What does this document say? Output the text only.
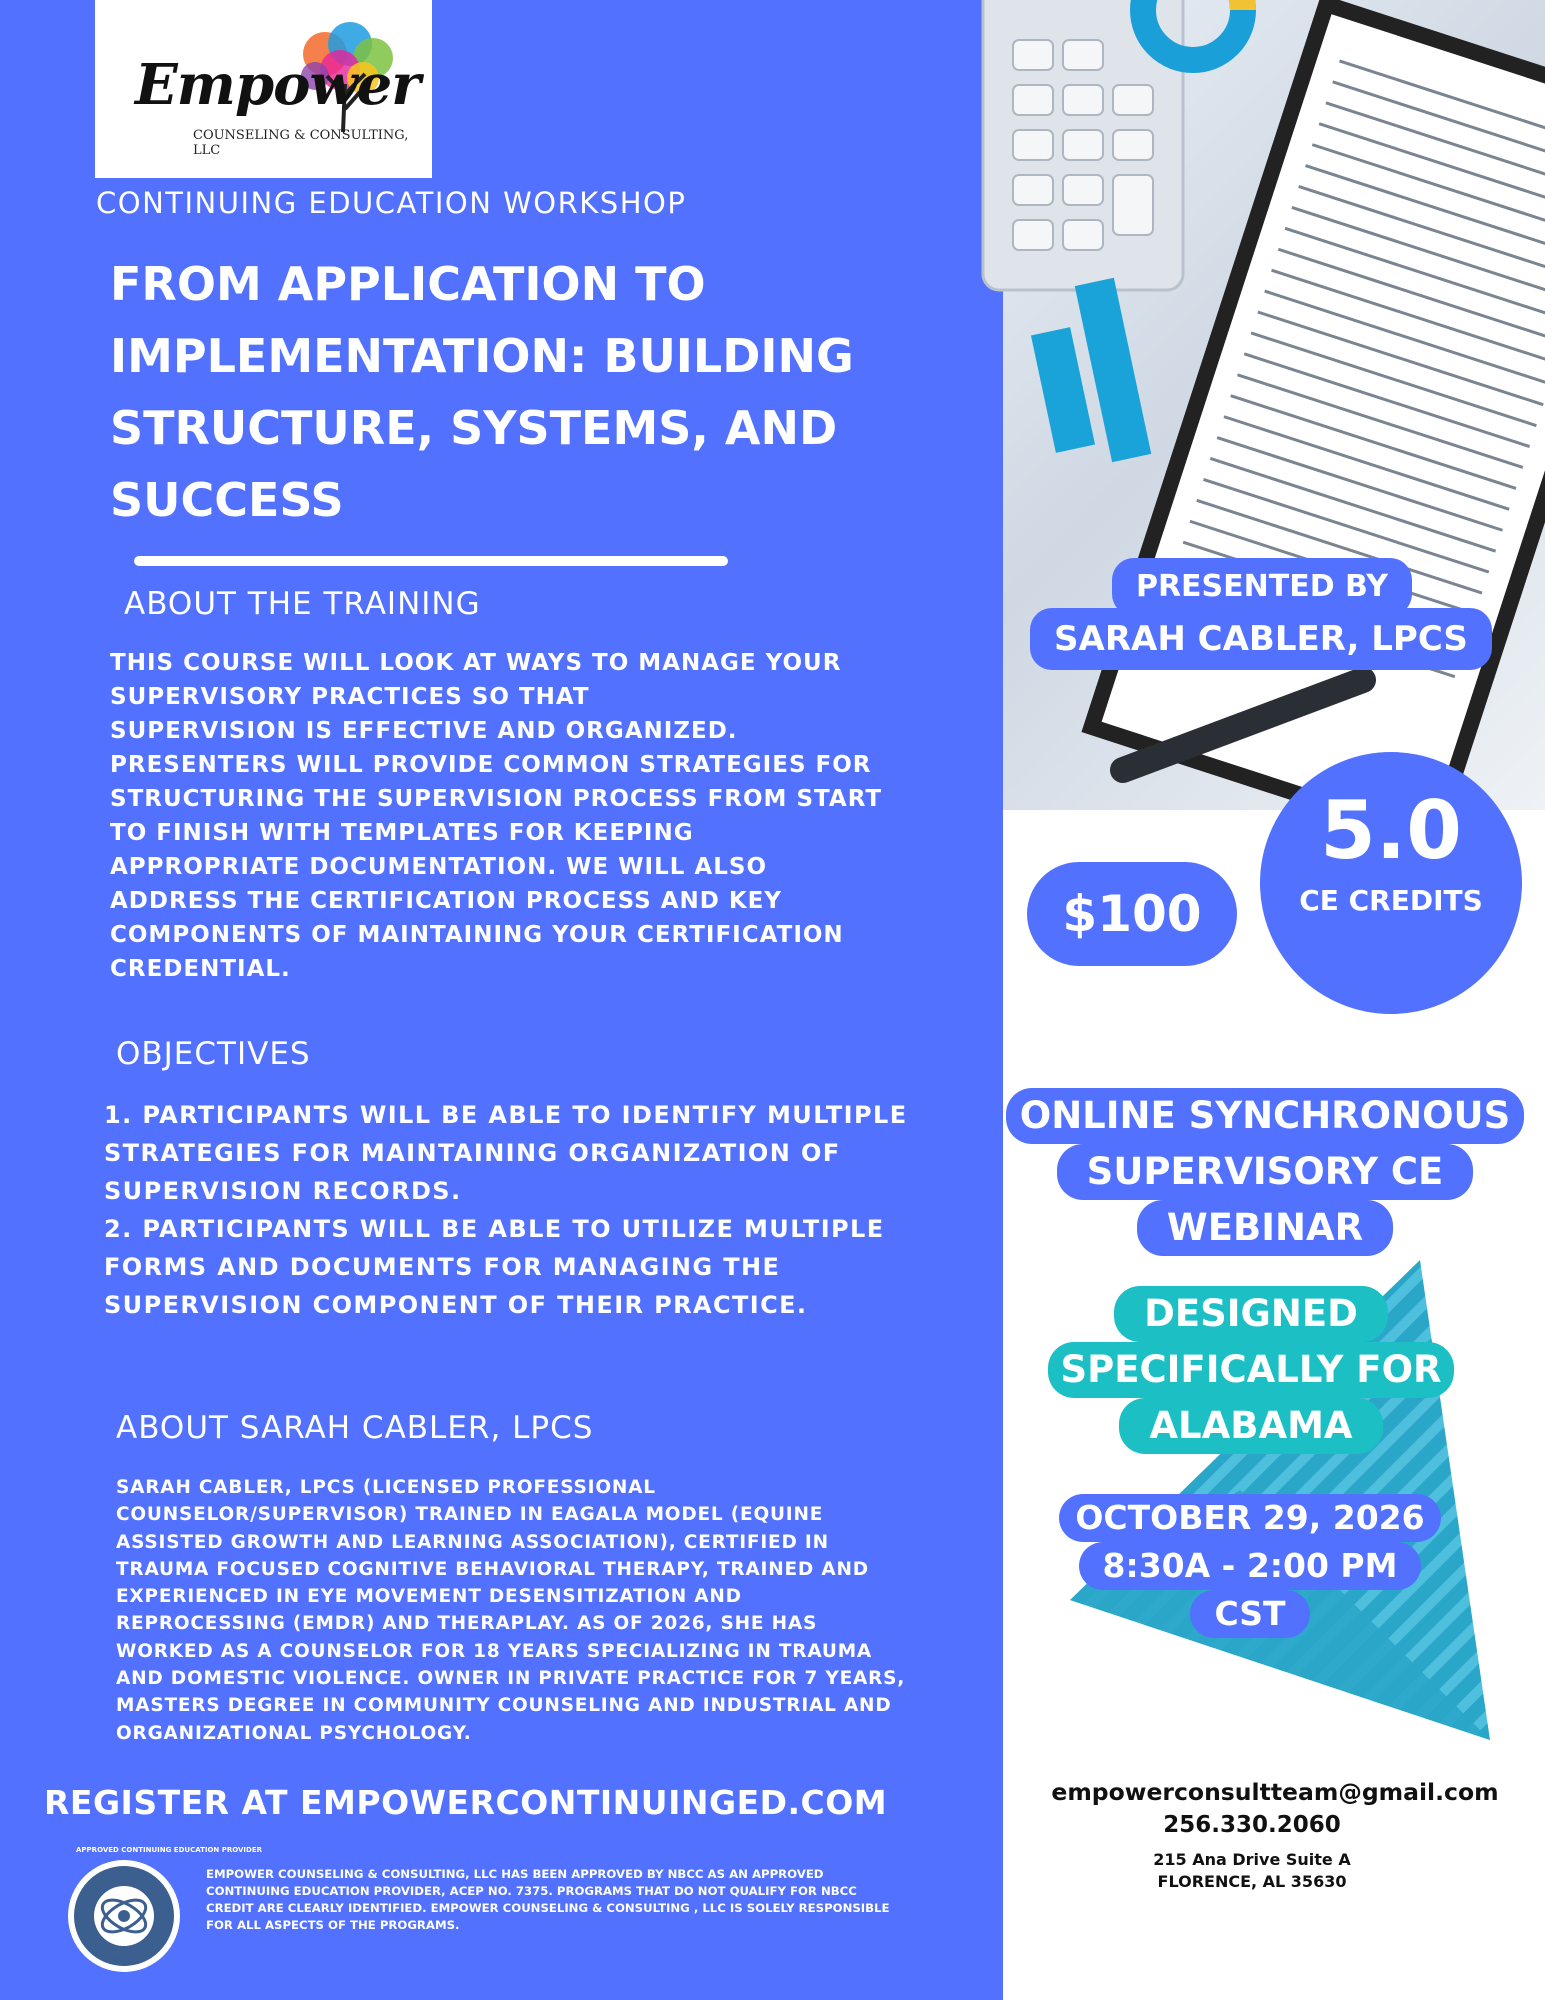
Empower
COUNSELING & CONSULTING, LLC
CONTINUING EDUCATION WORKSHOP
FROM APPLICATION TO
IMPLEMENTATION: BUILDING
STRUCTURE, SYSTEMS, AND
SUCCESS
ABOUT THE TRAINING
THIS COURSE WILL LOOK AT WAYS TO MANAGE YOUR
SUPERVISORY PRACTICES SO THAT
SUPERVISION IS EFFECTIVE AND ORGANIZED.
PRESENTERS WILL PROVIDE COMMON STRATEGIES FOR
STRUCTURING THE SUPERVISION PROCESS FROM START
TO FINISH WITH TEMPLATES FOR KEEPING
APPROPRIATE DOCUMENTATION. WE WILL ALSO
ADDRESS THE CERTIFICATION PROCESS AND KEY
COMPONENTS OF MAINTAINING YOUR CERTIFICATION
CREDENTIAL.
OBJECTIVES
1. PARTICIPANTS WILL BE ABLE TO IDENTIFY MULTIPLE
STRATEGIES FOR MAINTAINING ORGANIZATION OF
SUPERVISION RECORDS.
2. PARTICIPANTS WILL BE ABLE TO UTILIZE MULTIPLE
FORMS AND DOCUMENTS FOR MANAGING THE
SUPERVISION COMPONENT OF THEIR PRACTICE.
ABOUT SARAH CABLER, LPCS
SARAH CABLER, LPCS (LICENSED PROFESSIONAL
COUNSELOR/SUPERVISOR) TRAINED IN EAGALA MODEL (EQUINE
ASSISTED GROWTH AND LEARNING ASSOCIATION), CERTIFIED IN
TRAUMA FOCUSED COGNITIVE BEHAVIORAL THERAPY, TRAINED AND
EXPERIENCED IN EYE MOVEMENT DESENSITIZATION AND
REPROCESSING (EMDR) AND THERAPLAY. AS OF 2026, SHE HAS
WORKED AS A COUNSELOR FOR 18 YEARS SPECIALIZING IN TRAUMA
AND DOMESTIC VIOLENCE. OWNER IN PRIVATE PRACTICE FOR 7 YEARS,
MASTERS DEGREE IN COMMUNITY COUNSELING AND INDUSTRIAL AND
ORGANIZATIONAL PSYCHOLOGY.
REGISTER AT EMPOWERCONTINUINGED.COM
APPROVED CONTINUING EDUCATION PROVIDER
NBCC
EMPOWER COUNSELING & CONSULTING, LLC HAS BEEN APPROVED BY NBCC AS AN APPROVED
CONTINUING EDUCATION PROVIDER, ACEP NO. 7375. PROGRAMS THAT DO NOT QUALIFY FOR NBCC
CREDIT ARE CLEARLY IDENTIFIED. EMPOWER COUNSELING & CONSULTING , LLC IS SOLELY RESPONSIBLE
FOR ALL ASPECTS OF THE PROGRAMS.
PRESENTED BY
SARAH CABLER, LPCS
$100
5.0
CE CREDITS
ONLINE SYNCHRONOUS
SUPERVISORY CE
WEBINAR
DESIGNED
SPECIFICALLY FOR
ALABAMA
OCTOBER 29, 2026
8:30A - 2:00 PM
CST
empowerconsultteam@gmail.com
256.330.2060
215 Ana Drive Suite A
FLORENCE, AL 35630
